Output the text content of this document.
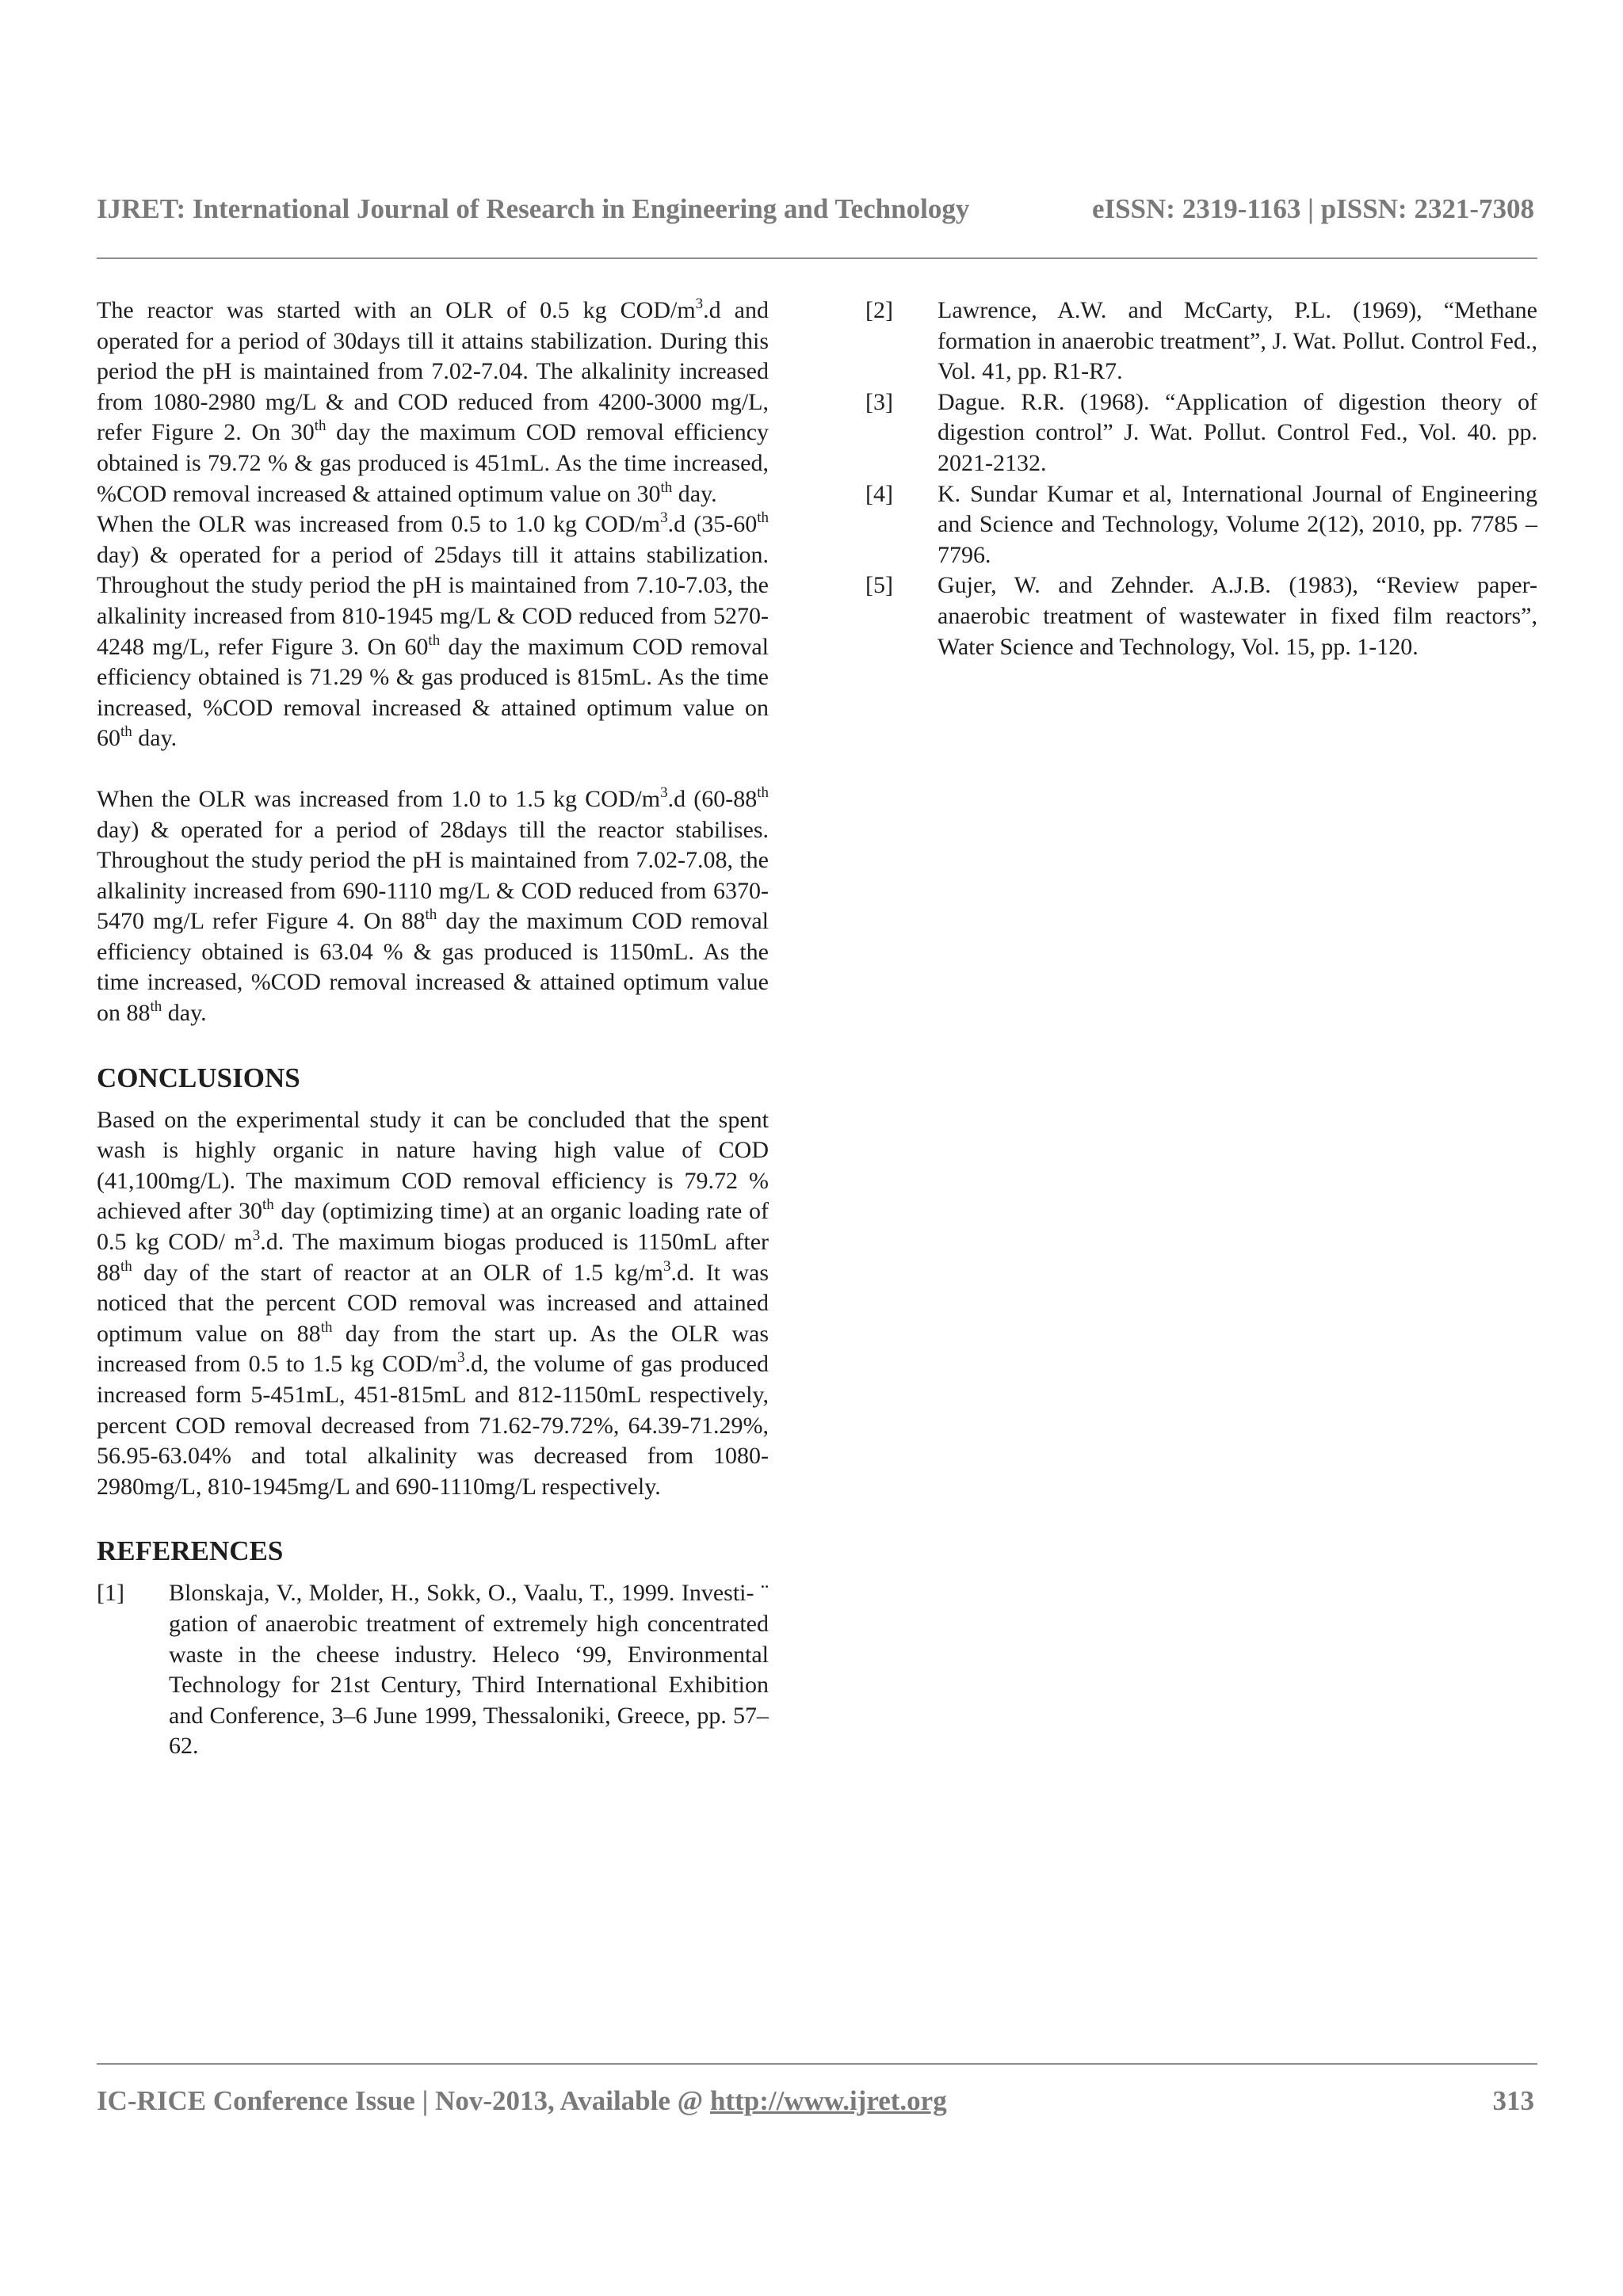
IJRET: International Journal of Research in Engineering and Technology	eISSN: 2319-1163 | pISSN: 2321-7308

The reactor was started with an OLR of 0.5 kg COD/$m^3.d$ and operated for a period of 30days till it attains stabilization. During this period the pH is maintained from 7.02-7.04. The alkalinity increased from 1080-2980 mg/L & and COD reduced from 4200-3000 mg/L, refer Figure 2. On 30th day the maximum COD removal efficiency obtained is 79.72 % & gas produced is 451mL. As the time increased, %COD removal increased & attained optimum value on 30th day.

When the OLR was increased from 0.5 to 1.0 kg COD/$m^3.d$ (35-60th day) & operated for a period of 25days till it attains stabilization. Throughout the study period the pH is maintained from 7.10-7.03, the alkalinity increased from 810-1945 mg/L & COD reduced from 5270-4248 mg/L, refer Figure 3. On 60th day the maximum COD removal efficiency obtained is 71.29 % & gas produced is 815mL. As the time increased, %COD removal increased & attained optimum value on 60th day.

When the OLR was increased from 1.0 to 1.5 kg COD/$m^3.d$ (60-88th day) & operated for a period of 28days till the reactor stabilises. Throughout the study period the pH is maintained from 7.02-7.08, the alkalinity increased from 690-1110 mg/L & COD reduced from 6370-5470 mg/L refer Figure 4. On 88th day the maximum COD removal efficiency obtained is 63.04 % & gas produced is 1150mL. As the time increased, %COD removal increased & attained optimum value on 88th day.

CONCLUSIONS

Based on the experimental study it can be concluded that the spent wash is highly organic in nature having high value of COD (41,100mg/L). The maximum COD removal efficiency is 79.72 % achieved after 30th day (optimizing time) at an organic loading rate of 0.5 kg COD/ $m^3.d$. The maximum biogas produced is 1150mL after 88th day of the start of reactor at an OLR of 1.5 $kg/m^3.d$. It was noticed that the percent COD removal was increased and attained optimum value on 88th day from the start up. As the OLR was increased from 0.5 to 1.5 kg COD/$m^3.d$, the volume of gas produced increased form 5-451mL, 451-815mL and 812-1150mL respectively, percent COD removal decreased from 71.62-79.72%, 64.39-71.29%, 56.95-63.04% and total alkalinity was decreased from 1080-2980mg/L, 810-1945mg/L and 690-1110mg/L respectively.

REFERENCES
[1]	Blonskaja, V., Molder, H., Sokk, O., Vaalu, T., 1999. Investi- ¨ gation of anaerobic treatment of extremely high concentrated waste in the cheese industry. Heleco ‘99, Environmental Technology for 21st Century, Third International Exhibition and Conference, 3–6 June 1999, Thessaloniki, Greece, pp. 57–62.
[2]	Lawrence, A.W. and McCarty, P.L. (1969), “Methane formation in anaerobic treatment”, J. Wat. Pollut. Control Fed., Vol. 41, pp. R1-R7.
[3]	Dague. R.R. (1968). “Application of digestion theory of digestion control” J. Wat. Pollut. Control Fed., Vol. 40. pp. 2021-2132.
[4]	K. Sundar Kumar et al, International Journal of Engineering and Science and Technology, Volume 2(12), 2010, pp. 7785 – 7796.
[5]	Gujer, W. and Zehnder. A.J.B. (1983), “Review paper-anaerobic treatment of wastewater in fixed film reactors”, Water Science and Technology, Vol. 15, pp. 1-120.
IC-RICE Conference Issue | Nov-2013, Available @ http://www.ijret.org	313
